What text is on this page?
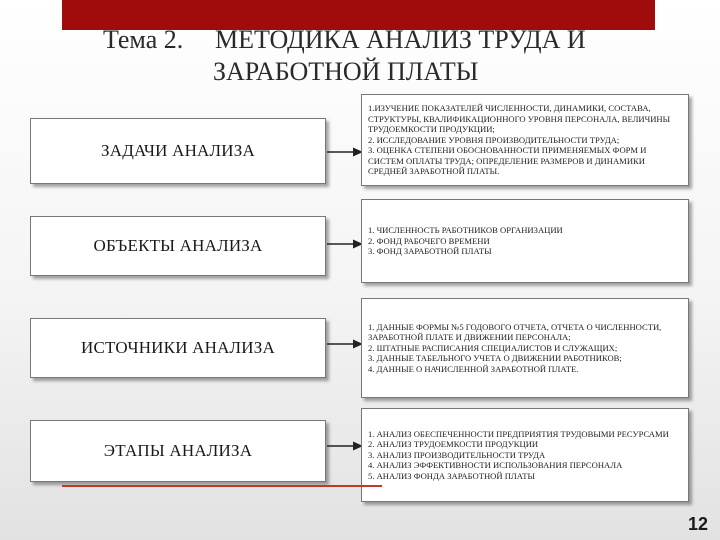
Тема 2. МЕТОДИКА АНАЛИЗ ТРУДА И
ЗАРАБОТНОЙ ПЛАТЫ
ЗАДАЧИ АНАЛИЗА
1.ИЗУЧЕНИЕ ПОКАЗАТЕЛЕЙ ЧИСЛЕННОСТИ, ДИНАМИКИ, СОСТАВА, СТРУКТУРЫ, КВАЛИФИКАЦИОННОГО УРОВНЯ ПЕРСОНАЛА, ВЕЛИЧИНЫ ТРУДОЕМКОСТИ ПРОДУКЦИИ;
2. ИССЛЕДОВАНИЕ УРОВНЯ ПРОИЗВОДИТЕЛЬНОСТИ ТРУДА;
3. ОЦЕНКА СТЕПЕНИ ОБОСНОВАННОСТИ ПРИМЕНЯЕМЫХ ФОРМ И СИСТЕМ ОПЛАТЫ ТРУДА; ОПРЕДЕЛЕНИЕ РАЗМЕРОВ И ДИНАМИКИ СРЕДНЕЙ ЗАРАБОТНОЙ ПЛАТЫ.
ОБЪЕКТЫ АНАЛИЗА
1. ЧИСЛЕННОСТЬ РАБОТНИКОВ ОРГАНИЗАЦИИ
2. ФОНД РАБОЧЕГО ВРЕМЕНИ
3. ФОНД ЗАРАБОТНОЙ ПЛАТЫ
ИСТОЧНИКИ АНАЛИЗА
1. ДАННЫЕ ФОРМЫ №5 ГОДОВОГО ОТЧЕТА, ОТЧЕТА О ЧИСЛЕННОСТИ, ЗАРАБОТНОЙ ПЛАТЕ И ДВИЖЕНИИ ПЕРСОНАЛА;
2. ШТАТНЫЕ РАСПИСАНИЯ СПЕЦИАЛИСТОВ И СЛУЖАЩИХ;
3. ДАННЫЕ ТАБЕЛЬНОГО УЧЕТА О ДВИЖЕНИИ РАБОТНИКОВ;
4. ДАННЫЕ О НАЧИСЛЕННОЙ ЗАРАБОТНОЙ ПЛАТЕ.
ЭТАПЫ АНАЛИЗА
1. АНАЛИЗ ОБЕСПЕЧЕННОСТИ ПРЕДПРИЯТИЯ ТРУДОВЫМИ РЕСУРСАМИ
2. АНАЛИЗ ТРУДОЕМКОСТИ ПРОДУКЦИИ
3. АНАЛИЗ ПРОИЗВОДИТЕЛЬНОСТИ ТРУДА
4. АНАЛИЗ ЭФФЕКТИВНОСТИ ИСПОЛЬЗОВАНИЯ ПЕРСОНАЛА
5. АНАЛИЗ ФОНДА ЗАРАБОТНОЙ ПЛАТЫ
12
